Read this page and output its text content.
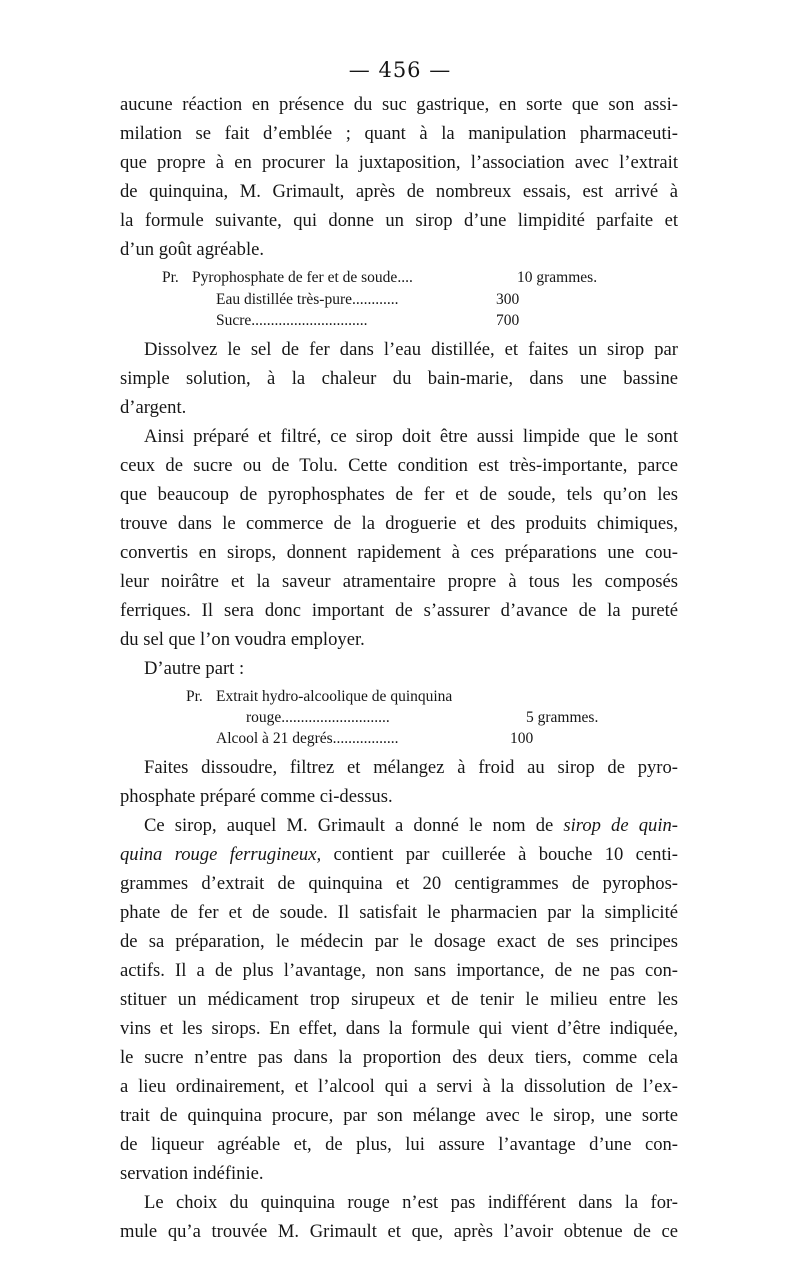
— 456 —
aucune réaction en présence du suc gastrique, en sorte que son assi-
milation se fait d’emblée ; quant à la manipulation pharmaceuti-
que propre à en procurer la juxtaposition, l’association avec l’extrait
de quinquina, M. Grimault, après de nombreux essais, est arrivé à
la formule suivante, qui donne un sirop d’une limpidité parfaite et
d’un goût agréable.
Pr. Pyrophosphate de fer et de soude....	10 grammes.
Eau distillée très-pure............	300
Sucre..............................	700
Dissolvez le sel de fer dans l’eau distillée, et faites un sirop par
simple solution, à la chaleur du bain-marie, dans une bassine
d’argent.
Ainsi préparé et filtré, ce sirop doit être aussi limpide que le sont
ceux de sucre ou de Tolu. Cette condition est très-importante, parce
que beaucoup de pyrophosphates de fer et de soude, tels qu’on les
trouve dans le commerce de la droguerie et des produits chimiques,
convertis en sirops, donnent rapidement à ces préparations une cou-
leur noirâtre et la saveur atramentaire propre à tous les composés
ferriques. Il sera donc important de s’assurer d’avance de la pureté
du sel que l’on voudra employer.
D’autre part :
Pr. Extrait hydro-alcoolique de quinquina
rouge............................	5 grammes.
Alcool à 21 degrés.................	100
Faites dissoudre, filtrez et mélangez à froid au sirop de pyro-
phosphate préparé comme ci-dessus.
Ce sirop, auquel M. Grimault a donné le nom de sirop de quin-
quina rouge ferrugineux, contient par cuillerée à bouche 10 centi-
grammes d’extrait de quinquina et 20 centigrammes de pyrophos-
phate de fer et de soude. Il satisfait le pharmacien par la simplicité
de sa préparation, le médecin par le dosage exact de ses principes
actifs. Il a de plus l’avantage, non sans importance, de ne pas con-
stituer un médicament trop sirupeux et de tenir le milieu entre les
vins et les sirops. En effet, dans la formule qui vient d’être indiquée,
le sucre n’entre pas dans la proportion des deux tiers, comme cela
a lieu ordinairement, et l’alcool qui a servi à la dissolution de l’ex-
trait de quinquina procure, par son mélange avec le sirop, une sorte
de liqueur agréable et, de plus, lui assure l’avantage d’une con-
servation indéfinie.
Le choix du quinquina rouge n’est pas indifférent dans la for-
mule qu’a trouvée M. Grimault et que, après l’avoir obtenue de ce
